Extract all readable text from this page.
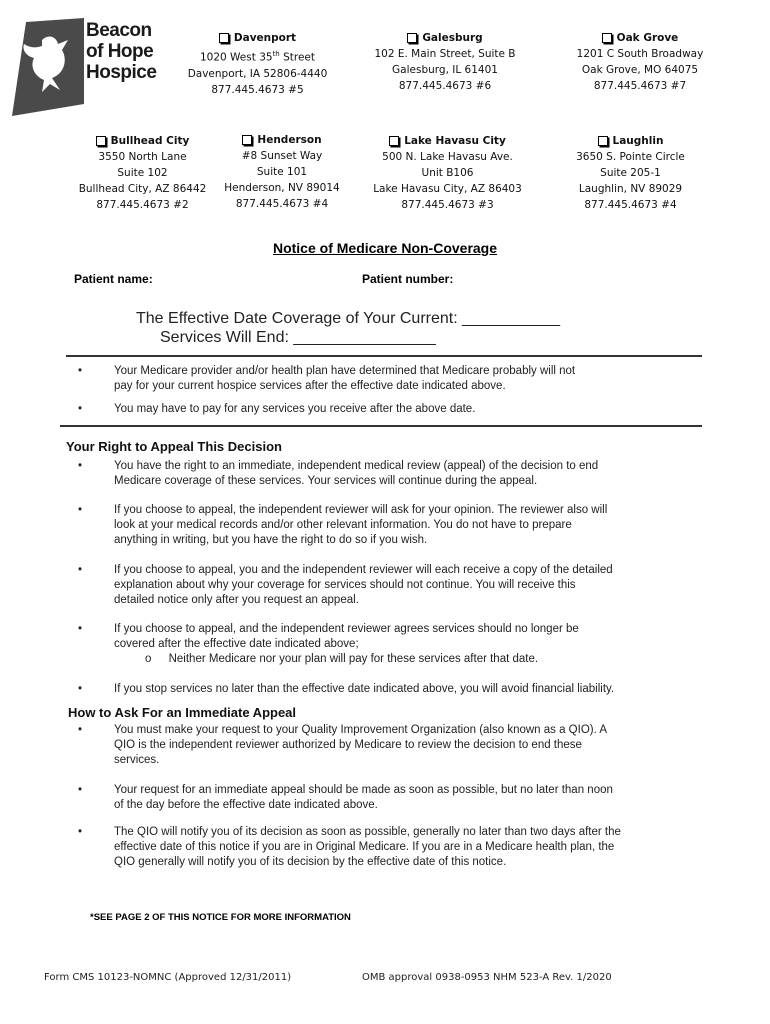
Beacon
of Hope
Hospice
Davenport
1020 West 35th Street
Davenport, IA 52806-4440
877.445.4673 #5
Galesburg
102 E. Main Street, Suite B
Galesburg, IL 61401
877.445.4673 #6
Oak Grove
1201 C South Broadway
Oak Grove, MO 64075
877.445.4673 #7
Bullhead City
3550 North Lane
Suite 102
Bullhead City, AZ 86442
877.445.4673 #2
Henderson
#8 Sunset Way
Suite 101
Henderson, NV 89014
877.445.4673 #4
Lake Havasu City
500 N. Lake Havasu Ave.
Unit B106
Lake Havasu City, AZ 86403
877.445.4673 #3
Laughlin
3650 S. Pointe Circle
Suite 205-1
Laughlin, NV 89029
877.445.4673 #4
Notice of Medicare Non-Coverage
Patient name:	Patient number:
The Effective Date Coverage of Your Current: ___________
Services Will End: ________________
•	Your Medicare provider and/or health plan have determined that Medicare probably will not
pay for your current hospice services after the effective date indicated above.
•	You may have to pay for any services you receive after the above date.
Your Right to Appeal This Decision
•	You have the right to an immediate, independent medical review (appeal) of the decision to end
Medicare coverage of these services. Your services will continue during the appeal.
•	If you choose to appeal, the independent reviewer will ask for your opinion. The reviewer also will
look at your medical records and/or other relevant information. You do not have to prepare
anything in writing, but you have the right to do so if you wish.
•	If you choose to appeal, you and the independent reviewer will each receive a copy of the detailed
explanation about why your coverage for services should not continue. You will receive this
detailed notice only after you request an appeal.
•	If you choose to appeal, and the independent reviewer agrees services should no longer be
covered after the effective date indicated above;
o Neither Medicare nor your plan will pay for these services after that date.
•	If you stop services no later than the effective date indicated above, you will avoid financial liability.
How to Ask For an Immediate Appeal
•	You must make your request to your Quality Improvement Organization (also known as a QIO). A
QIO is the independent reviewer authorized by Medicare to review the decision to end these
services.
•	Your request for an immediate appeal should be made as soon as possible, but no later than noon
of the day before the effective date indicated above.
•	The QIO will notify you of its decision as soon as possible, generally no later than two days after the
effective date of this notice if you are in Original Medicare. If you are in a Medicare health plan, the
QIO generally will notify you of its decision by the effective date of this notice.
*SEE PAGE 2 OF THIS NOTICE FOR MORE INFORMATION
Form CMS 10123-NOMNC (Approved 12/31/2011)	OMB approval 0938-0953 NHM 523-A Rev. 1/2020
